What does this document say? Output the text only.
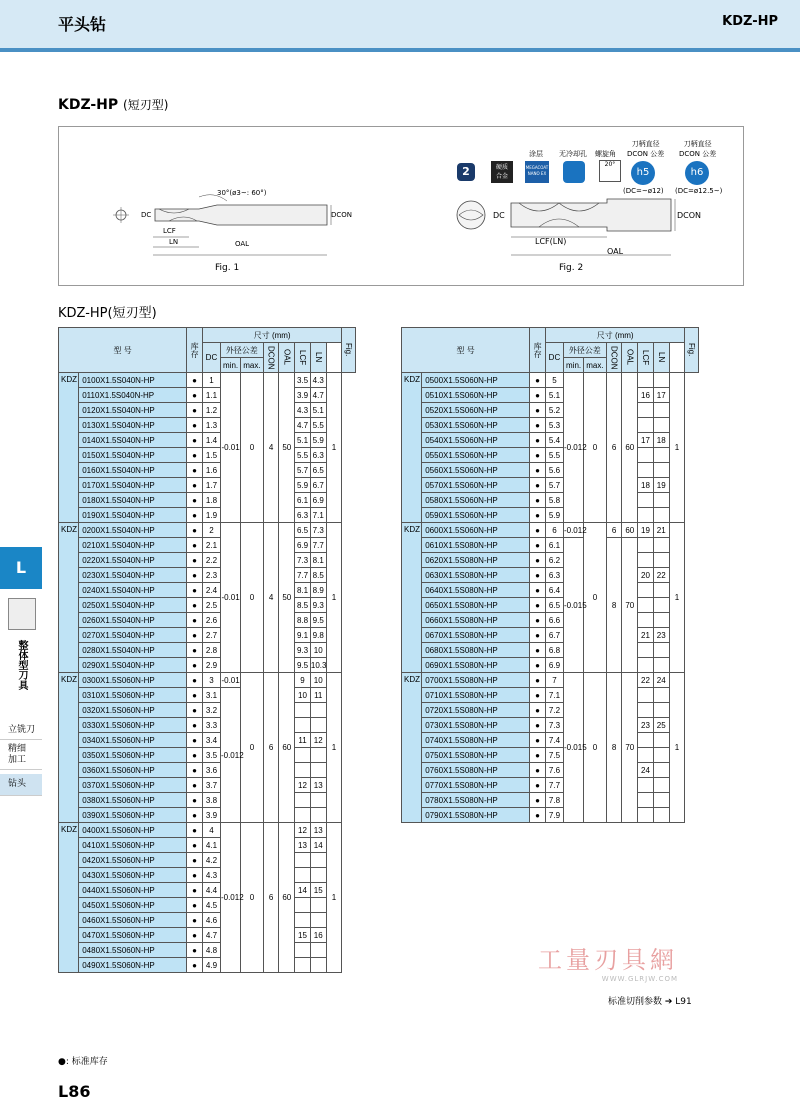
平头钻	KDZ-HP
KDZ-HP (短刃型)
30°(ø3~: 60°)
DC
LCF
LN	OAL
DCON
Fig. 1
DC
LCF(LN)
OAL
DCON
Fig. 2
2	硬质
合金
涂层
MEGACOAT NANO EX
无冷却孔 螺旋角
20°
刀柄直径
DCON 公差
h5
(DC=~ø12)
刀柄直径
DCON 公差
h6
(DC=ø12.5~)
KDZ-HP(短刃型)
型 号		库存	尺寸 (mm)								Fig.
			DC	外径公差		DCON	OAL	LCF	LN	
				min.	max.						
KDZ	0100X1.5S040N-HP	●	1	-0.01	0	4	50	3.5	4.3	1	
	0110X1.5S040N-HP	●	1.1					3.9	4.7		
	0120X1.5S040N-HP	●	1.2					4.3	5.1		
	0130X1.5S040N-HP	●	1.3					4.7	5.5		
	0140X1.5S040N-HP	●	1.4					5.1	5.9		
	0150X1.5S040N-HP	●	1.5					5.5	6.3		
	0160X1.5S040N-HP	●	1.6					5.7	6.5		
	0170X1.5S040N-HP	●	1.7					5.9	6.7		
	0180X1.5S040N-HP	●	1.8					6.1	6.9		
	0190X1.5S040N-HP	●	1.9					6.3	7.1		
KDZ	0200X1.5S040N-HP	●	2	-0.01	0	4	50	6.5	7.3	1	
	0210X1.5S040N-HP	●	2.1					6.9	7.7		
	0220X1.5S040N-HP	●	2.2					7.3	8.1		
	0230X1.5S040N-HP	●	2.3					7.7	8.5		
	0240X1.5S040N-HP	●	2.4					8.1	8.9		
	0250X1.5S040N-HP	●	2.5					8.5	9.3		
	0260X1.5S040N-HP	●	2.6					8.8	9.5		
	0270X1.5S040N-HP	●	2.7					9.1	9.8		
	0280X1.5S040N-HP	●	2.8					9.3	10		
	0290X1.5S040N-HP	●	2.9					9.5	10.3		
KDZ	0300X1.5S060N-HP	●	3	-0.01	0	6	60	9	10	1	
	0310X1.5S060N-HP	●	3.1	-0.012				10	11		
	0320X1.5S060N-HP	●	3.2								
	0330X1.5S060N-HP	●	3.3								
	0340X1.5S060N-HP	●	3.4					11	12		
	0350X1.5S060N-HP	●	3.5								
	0360X1.5S060N-HP	●	3.6								
	0370X1.5S060N-HP	●	3.7					12	13		
	0380X1.5S060N-HP	●	3.8								
	0390X1.5S060N-HP	●	3.9								
KDZ	0400X1.5S060N-HP	●	4	-0.012	0	6	60	12	13	1	
	0410X1.5S060N-HP	●	4.1					13	14		
	0420X1.5S060N-HP	●	4.2								
	0430X1.5S060N-HP	●	4.3								
	0440X1.5S060N-HP	●	4.4					14	15		
	0450X1.5S060N-HP	●	4.5								
	0460X1.5S060N-HP	●	4.6								
	0470X1.5S060N-HP	●	4.7					15	16		
	0480X1.5S060N-HP	●	4.8								
	0490X1.5S060N-HP	●	4.9								
型 号		库存	尺寸 (mm)								Fig.
			DC	外径公差		DCON	OAL	LCF	LN	
				min.	max.						
KDZ	0500X1.5S060N-HP	●	5	-0.012	0	6	60			1	
	0510X1.5S060N-HP	●	5.1					16	17		
	0520X1.5S060N-HP	●	5.2								
	0530X1.5S060N-HP	●	5.3								
	0540X1.5S060N-HP	●	5.4					17	18		
	0550X1.5S060N-HP	●	5.5								
	0560X1.5S060N-HP	●	5.6								
	0570X1.5S060N-HP	●	5.7					18	19		
	0580X1.5S060N-HP	●	5.8								
	0590X1.5S060N-HP	●	5.9								
KDZ	0600X1.5S060N-HP	●	6	-0.012	0	6	60	19	21	1	
	0610X1.5S080N-HP	●	6.1	-0.015		8	70				
	0620X1.5S080N-HP	●	6.2								
	0630X1.5S080N-HP	●	6.3					20	22		
	0640X1.5S080N-HP	●	6.4								
	0650X1.5S080N-HP	●	6.5								
	0660X1.5S080N-HP	●	6.6								
	0670X1.5S080N-HP	●	6.7					21	23		
	0680X1.5S080N-HP	●	6.8								
	0690X1.5S080N-HP	●	6.9								
KDZ	0700X1.5S080N-HP	●	7	-0.015	0	8	70	22	24	1	
	0710X1.5S080N-HP	●	7.1								
	0720X1.5S080N-HP	●	7.2								
	0730X1.5S080N-HP	●	7.3					23	25		
	0740X1.5S080N-HP	●	7.4								
	0750X1.5S080N-HP	●	7.5								
	0760X1.5S080N-HP	●	7.6					24			
	0770X1.5S080N-HP	●	7.7								
	0780X1.5S080N-HP	●	7.8								
	0790X1.5S080N-HP	●	7.9								
L
整体型刀具
立铣刀
精细
加工
钻头
工量刃具網
WWW.GLRJW.COM
标准切削参数 ➔ L91
●: 标准库存
L86
